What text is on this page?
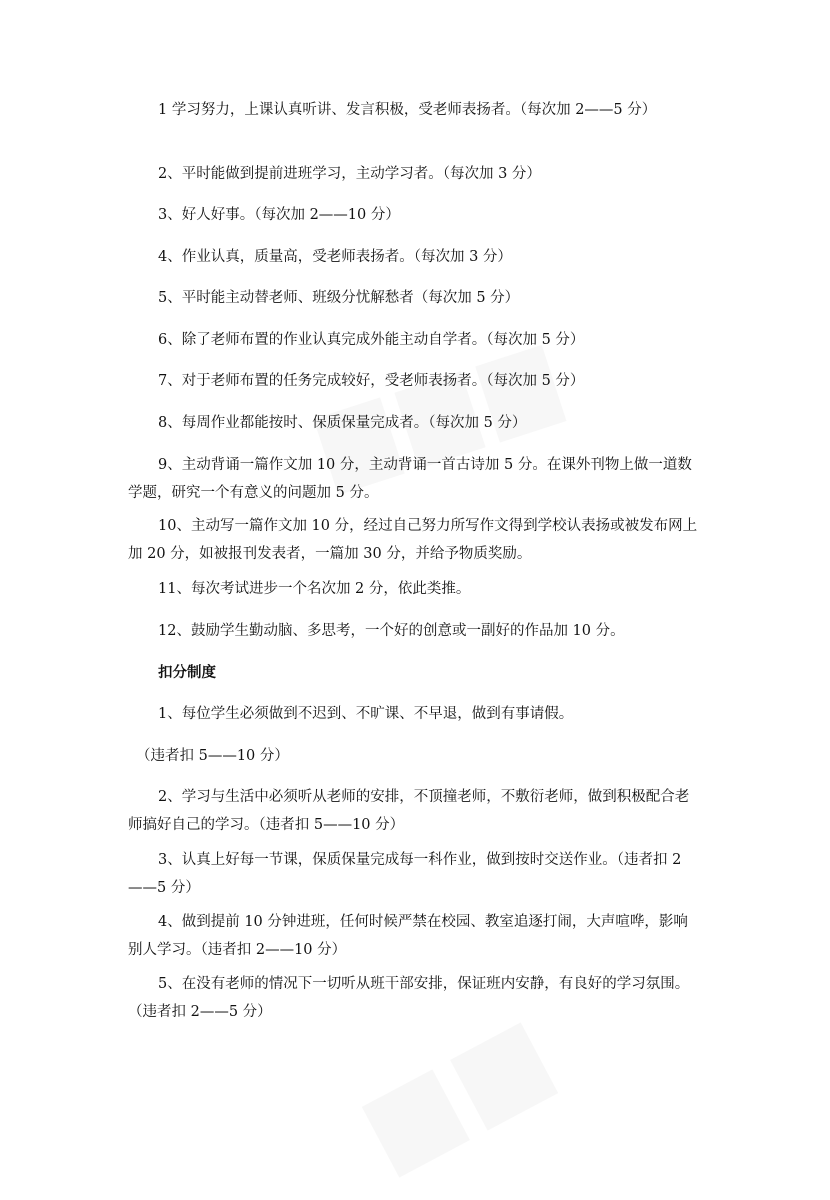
1 学习努力，上课认真听讲、发言积极，受老师表扬者。（每次加 2——5 分）

2、平时能做到提前进班学习，主动学习者。（每次加 3 分）

3、好人好事。（每次加 2——10 分）

4、作业认真，质量高，受老师表扬者。（每次加 3 分）

5、平时能主动替老师、班级分忧解愁者（每次加 5 分）

6、除了老师布置的作业认真完成外能主动自学者。（每次加 5 分）

7、对于老师布置的任务完成较好，受老师表扬者。（每次加 5 分）

8、每周作业都能按时、保质保量完成者。（每次加 5 分）

9、主动背诵一篇作文加 10 分，主动背诵一首古诗加 5 分。在课外刊物上做一道数学题，研究一个有意义的问题加 5 分。

10、主动写一篇作文加 10 分，经过自己努力所写作文得到学校认表扬或被发布网上加 20 分，如被报刊发表者，一篇加 30 分，并给予物质奖励。

11、每次考试进步一个名次加 2 分，依此类推。

12、鼓励学生勤动脑、多思考，一个好的创意或一副好的作品加 10 分。

扣分制度

1、每位学生必须做到不迟到、不旷课、不早退，做到有事请假。

（违者扣 5——10 分）

2、学习与生活中必须听从老师的安排，不顶撞老师，不敷衍老师，做到积极配合老师搞好自己的学习。（违者扣 5——10 分）

3、认真上好每一节课，保质保量完成每一科作业，做到按时交送作业。（违者扣 2——5 分）

4、做到提前 10 分钟进班，任何时候严禁在校园、教室追逐打闹，大声喧哗，影响别人学习。（违者扣 2——10 分）

5、在没有老师的情况下一切听从班干部安排，保证班内安静，有良好的学习氛围。（违者扣 2——5 分）
